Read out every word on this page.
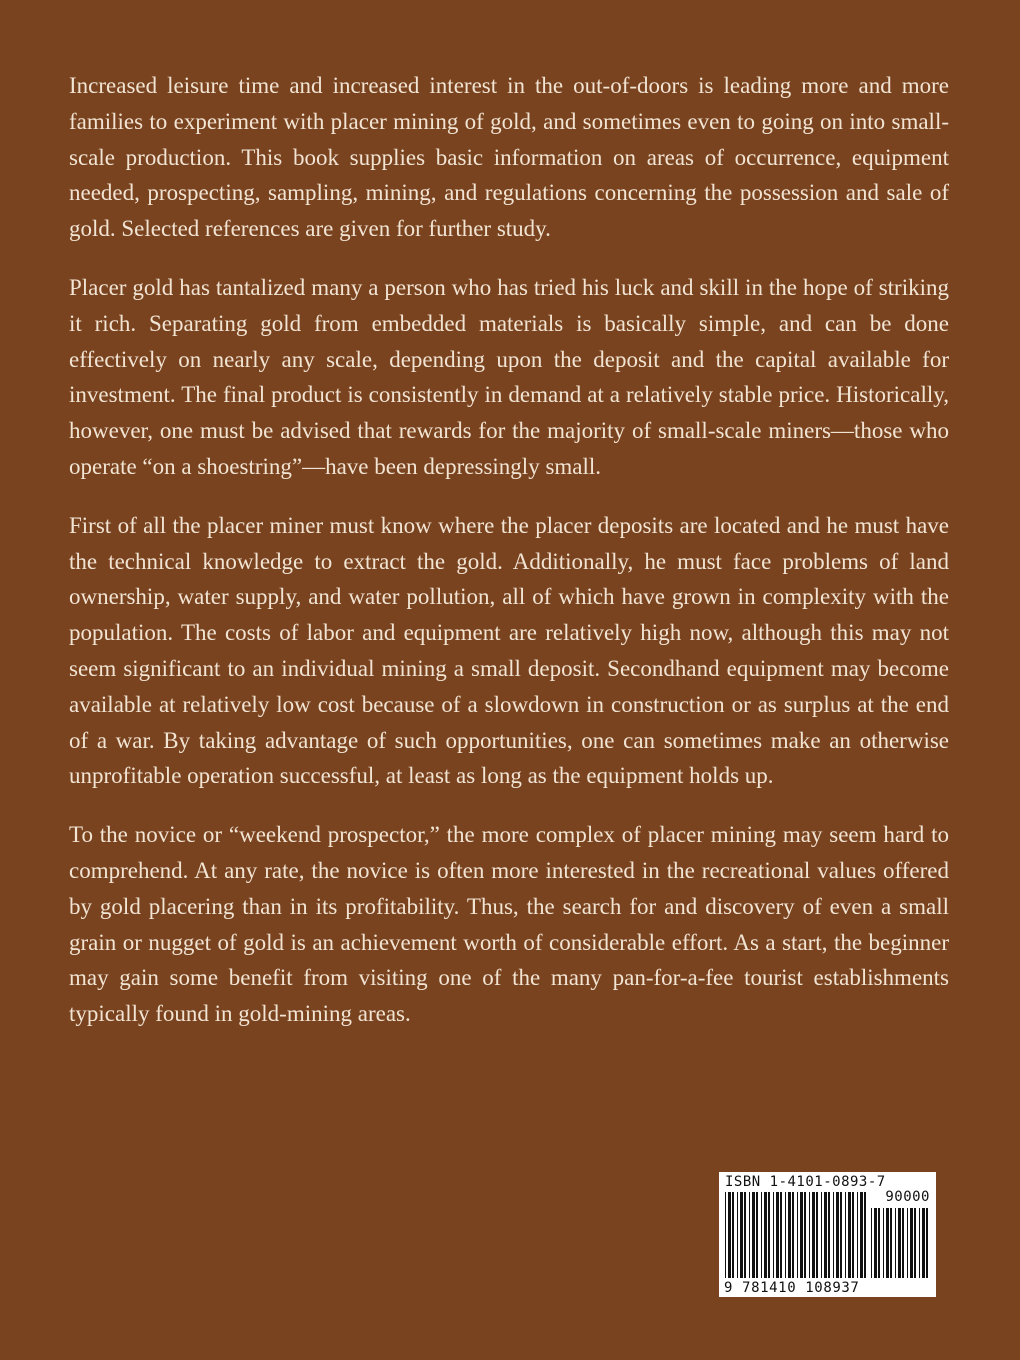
Increased leisure time and increased interest in the out-of-doors is leading more and more families to experiment with placer mining of gold, and sometimes even to going on into small-scale production. This book supplies basic information on areas of occurrence, equipment needed, prospecting, sampling, mining, and regulations concerning the possession and sale of gold. Selected references are given for further study.

Placer gold has tantalized many a person who has tried his luck and skill in the hope of striking it rich. Separating gold from embedded materials is basically simple, and can be done effectively on nearly any scale, depending upon the deposit and the capital available for investment. The final product is consistently in demand at a relatively stable price. Historically, however, one must be advised that rewards for the majority of small-scale miners—those who operate “on a shoestring”—have been depressingly small.

First of all the placer miner must know where the placer deposits are located and he must have the technical knowledge to extract the gold. Additionally, he must face problems of land ownership, water supply, and water pollution, all of which have grown in complexity with the population. The costs of labor and equipment are relatively high now, although this may not seem significant to an individual mining a small deposit. Secondhand equipment may become available at relatively low cost because of a slowdown in construction or as surplus at the end of a war. By taking advantage of such opportunities, one can sometimes make an otherwise unprofitable operation successful, at least as long as the equipment holds up.

To the novice or “weekend prospector,” the more complex of placer mining may seem hard to comprehend. At any rate, the novice is often more interested in the recreational values offered by gold placering than in its profitability. Thus, the search for and discovery of even a small grain or nugget of gold is an achievement worth of considerable effort. As a start, the beginner may gain some benefit from visiting one of the many pan-for-a-fee tourist establishments typically found in gold-mining areas.

ISBN 1-4101-0893-7
90000
9 781410 108937
